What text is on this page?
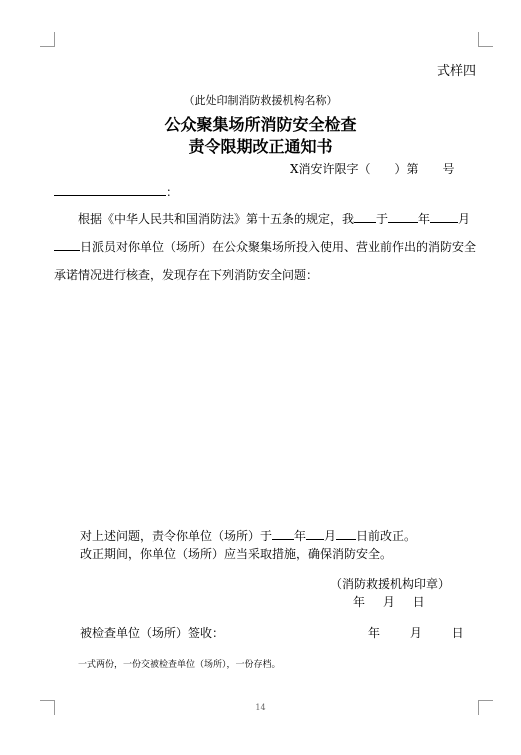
式样四
（此处印制消防救援机构名称）
公众聚集场所消防安全检查
责令限期改正通知书
X消安许限字（　　）第　　号
：
  根据《中华人民共和国消防法》第十五条的规定，我 于	年 月日派员对你单位（场所）在公众聚集场所投入使用、营业前作出的消防安全承诺情况进行核查，发现存在下列消防安全问题：
对上述问题，责令你单位（场所）于 年 月 日前改正。
改正期间，你单位（场所）应当采取措施，确保消防安全。
（消防救援机构印章）
年 月 日
被检查单位（场所）签收：	年 月 日
一式两份，一份交被检查单位（场所），一份存档。
14
